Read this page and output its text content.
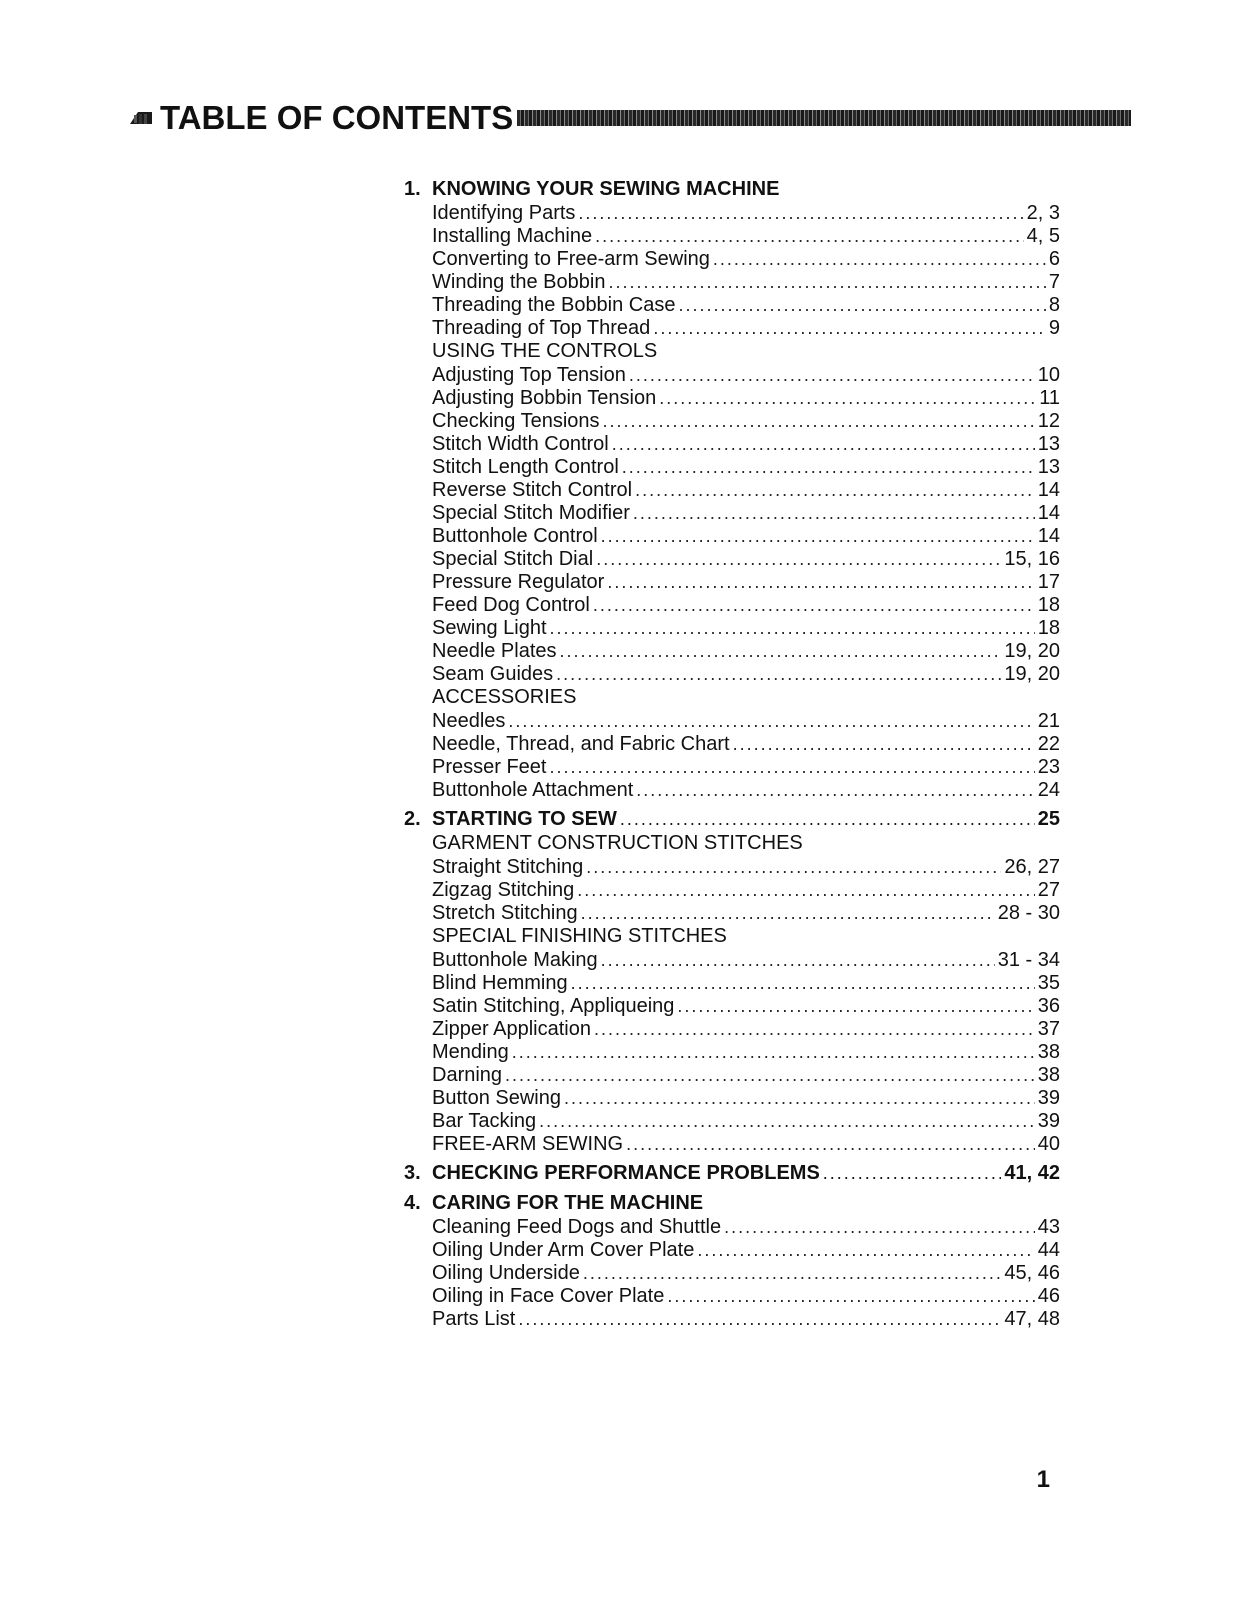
TABLE OF CONTENTS
1. KNOWING YOUR SEWING MACHINE
Identifying Parts .....	2, 3
Installing Machine .....	4, 5
Converting to Free-arm Sewing .....	6
Winding the Bobbin .....	7
Threading the Bobbin Case .....	8
Threading of Top Thread .....	9
USING THE CONTROLS
Adjusting Top Tension .....	10
Adjusting Bobbin Tension .....	11
Checking Tensions .....	12
Stitch Width Control .....	13
Stitch Length Control .....	13
Reverse Stitch Control .....	14
Special Stitch Modifier .....	14
Buttonhole Control .....	14
Special Stitch Dial .....	15, 16
Pressure Regulator .....	17
Feed Dog Control .....	18
Sewing Light .....	18
Needle Plates .....	19, 20
Seam Guides .....	19, 20
ACCESSORIES
Needles .....	21
Needle, Thread, and Fabric Chart .....	22
Presser Feet .....	23
Buttonhole Attachment .....	24
2. STARTING TO SEW .....	25
GARMENT CONSTRUCTION STITCHES
Straight Stitching .....	26, 27
Zigzag Stitching .....	27
Stretch Stitching .....	28 - 30
SPECIAL FINISHING STITCHES
Buttonhole Making .....	31 - 34
Blind Hemming .....	35
Satin Stitching, Appliqueing .....	36
Zipper Application .....	37
Mending .....	38
Darning .....	38
Button Sewing .....	39
Bar Tacking .....	39
FREE-ARM SEWING .....	40
3. CHECKING PERFORMANCE PROBLEMS .....	41, 42
4. CARING FOR THE MACHINE
Cleaning Feed Dogs and Shuttle .....	43
Oiling Under Arm Cover Plate .....	44
Oiling Underside .....	45, 46
Oiling in Face Cover Plate .....	46
Parts List .....	47, 48
1
